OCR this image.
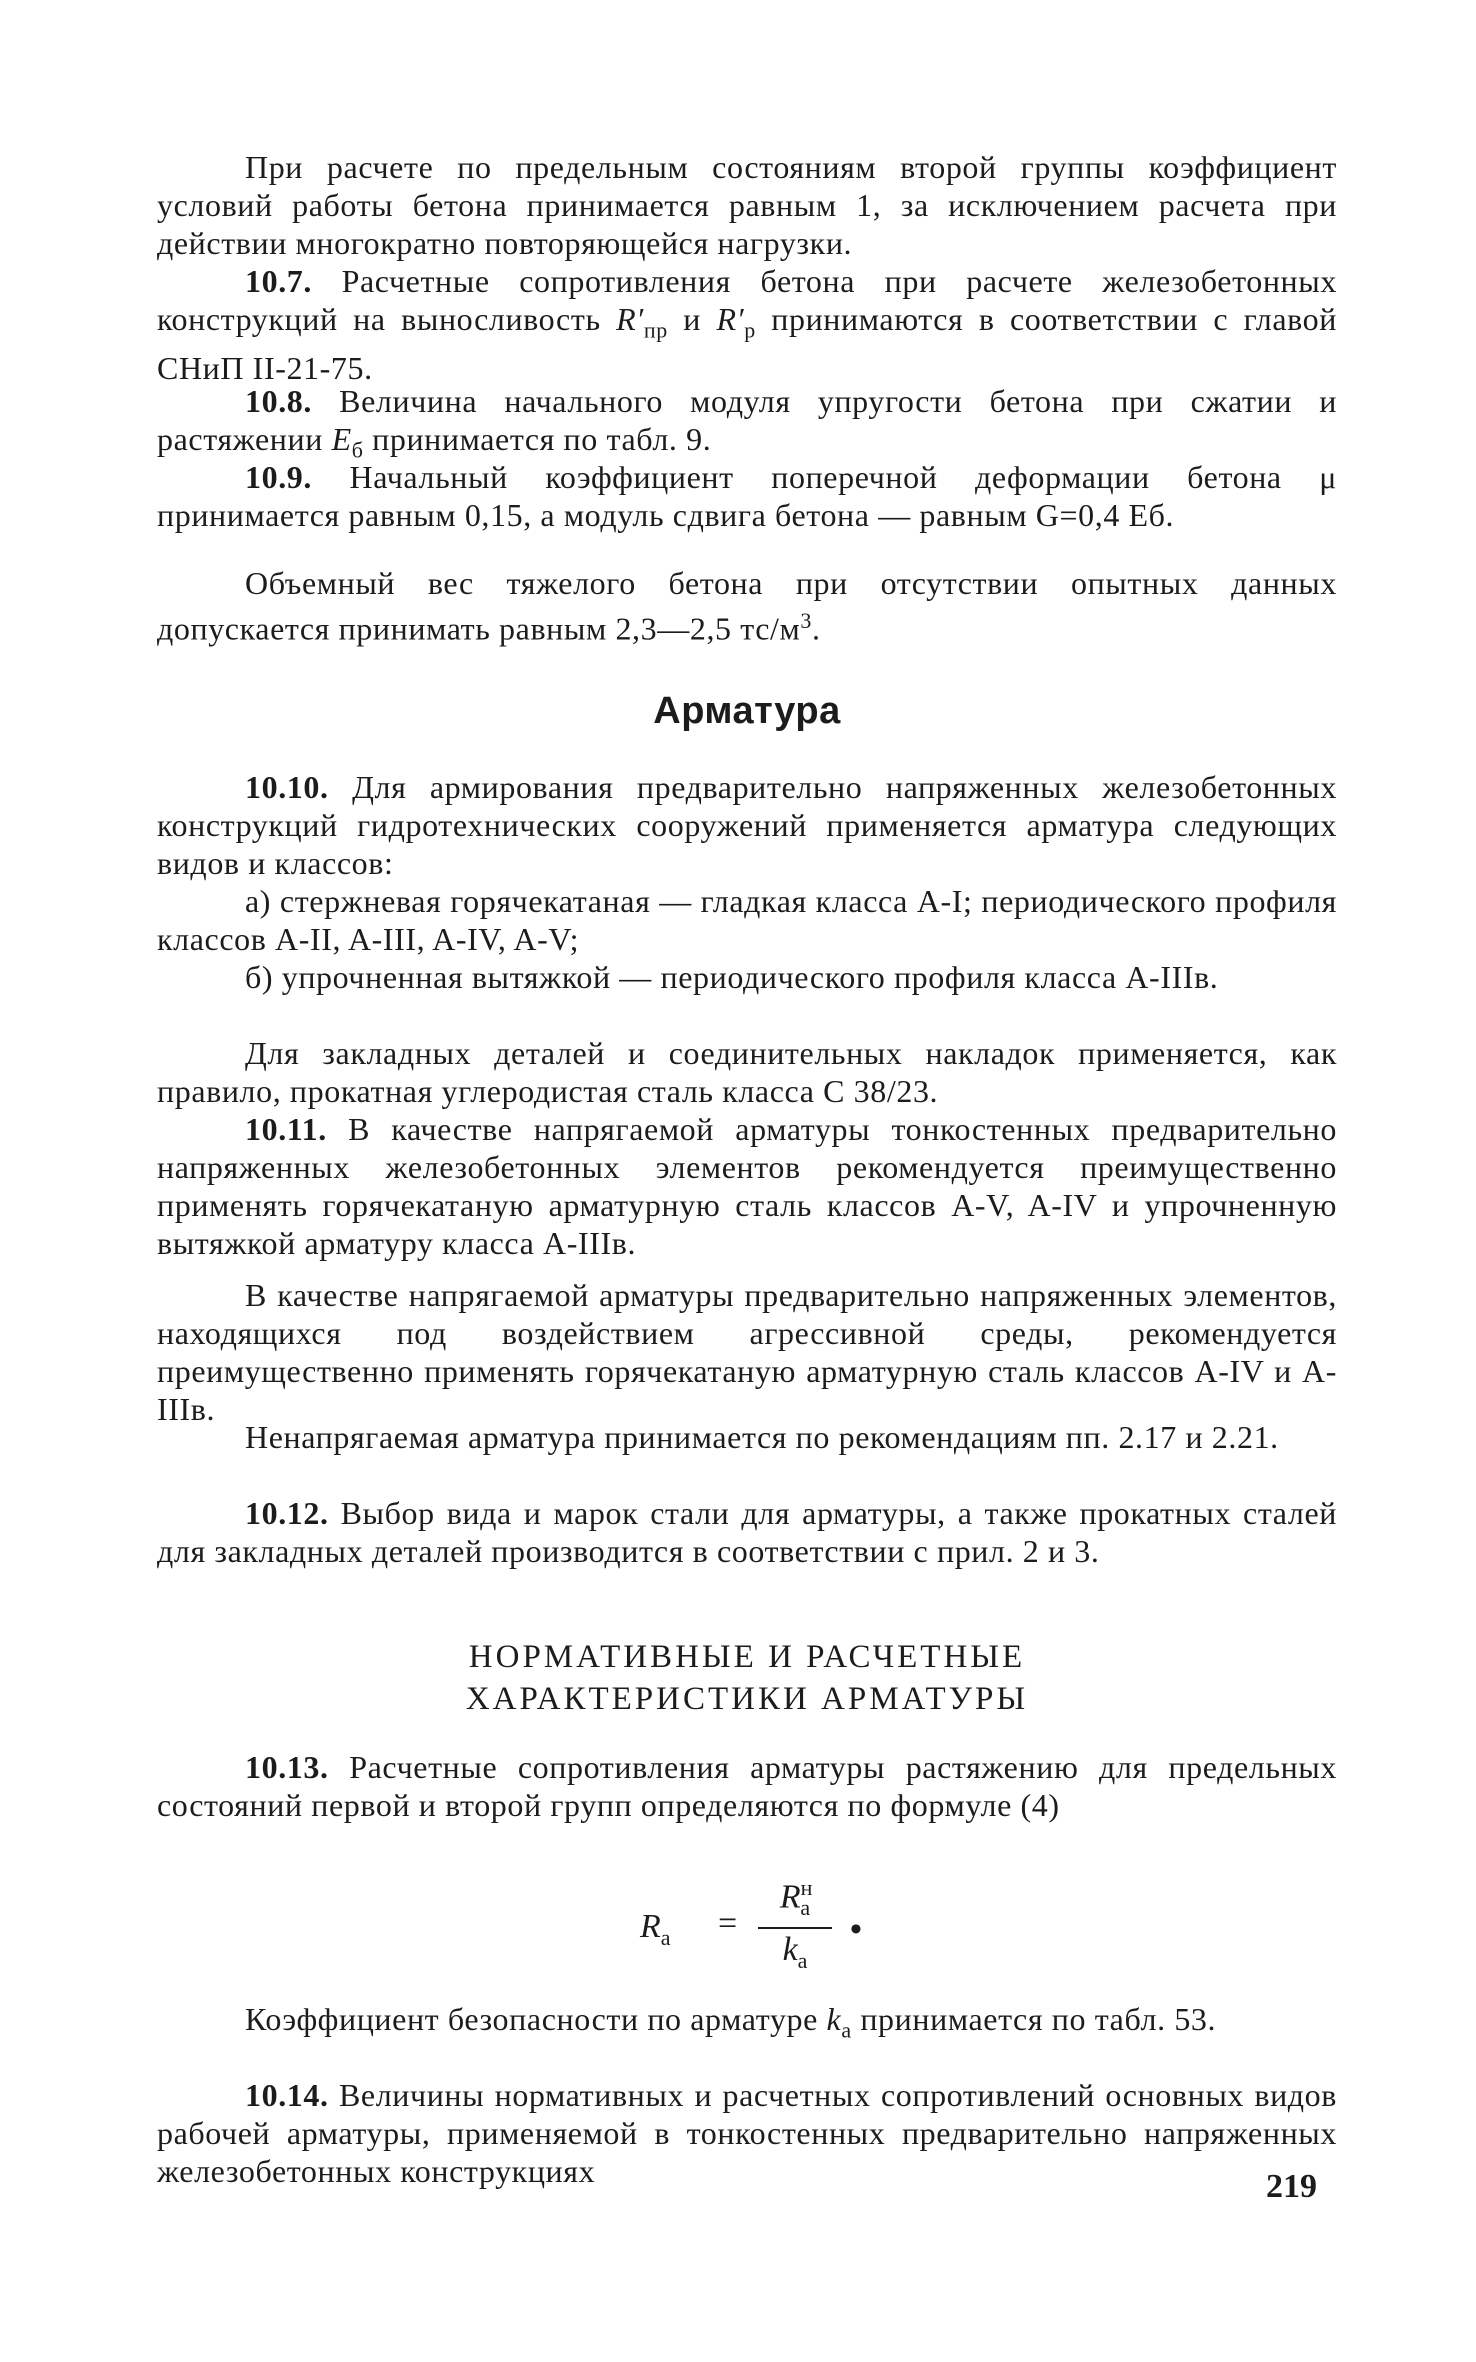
При расчете по предельным состояниям второй группы коэффициент условий работы бетона принимается равным 1, за исключением расчета при действии многократно повторяющейся нагрузки.

10.7. Расчетные сопротивления бетона при расчете железобетонных конструкций на выносливость $R'_{пр}$ и $R'_р$ принимаются в соответствии с главой СНиП II-21-75.

10.8. Величина начального модуля упругости бетона при сжатии и растяжении $E_б$ принимается по табл. 9.

10.9. Начальный коэффициент поперечной деформации бетона μ принимается равным 0,15, а модуль сдвига бетона — равным G=0,4 Eб.

Объемный вес тяжелого бетона при отсутствии опытных данных допускается принимать равным 2,3—2,5 $тс/м^3$.

Арматура

10.10. Для армирования предварительно напряженных железобетонных конструкций гидротехнических сооружений применяется арматура следующих видов и классов:

а) стержневая горячекатаная — гладкая класса A-I; периодического профиля классов A-II, A-III, A-IV, A-V;

б) упрочненная вытяжкой — периодического профиля класса A-IIIв.

Для закладных деталей и соединительных накладок применяется, как правило, прокатная углеродистая сталь класса С 38/23.

10.11. В качестве напрягаемой арматуры тонкостенных предварительно напряженных железобетонных элементов рекомендуется преимущественно применять горячекатаную арматурную сталь классов A-V, A-IV и упрочненную вытяжкой арматуру класса A-IIIв.

В качестве напрягаемой арматуры предварительно напряженных элементов, находящихся под воздействием агрессивной среды, рекомендуется преимущественно применять горячекатаную арматурную сталь классов A-IV и A-IIIв.

Ненапрягаемая арматура принимается по рекомендациям пп. 2.17 и 2.21.

10.12. Выбор вида и марок стали для арматуры, а также прокатных сталей для закладных деталей производится в соответствии с прил. 2 и 3.

НОРМАТИВНЫЕ И РАСЧЕТНЫЕ
ХАРАКТЕРИСТИКИ АРМАТУРЫ

10.13. Расчетные сопротивления арматуры растяжению для предельных состояний первой и второй групп определяются по формуле (4)

$R_а$ =
$R^н_а$
$k_а$
•

Коэффициент безопасности по арматуре $k_а$ принимается по табл. 53.

10.14. Величины нормативных и расчетных сопротивлений основных видов рабочей арматуры, применяемой в тонкостенных предварительно напряженных железобетонных конструкциях	219
